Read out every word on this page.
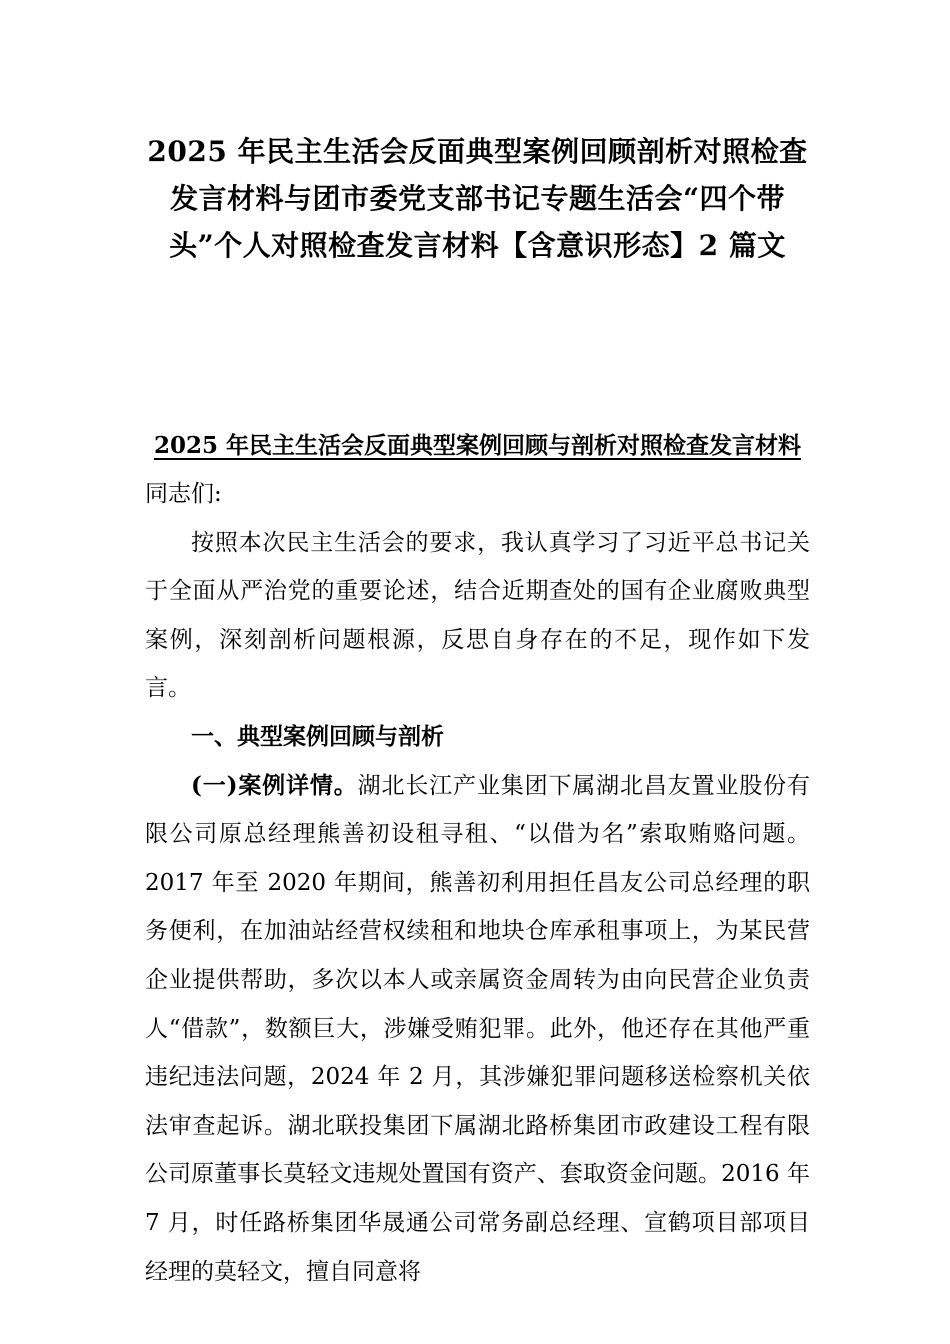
2025 年民主生活会反面典型案例回顾剖析对照检查
发言材料与团市委党支部书记专题生活会“四个带
头”个人对照检查发言材料【含意识形态】2 篇文
2025 年民主生活会反面典型案例回顾与剖析对照检查发言材料

同志们:

按照本次民主生活会的要求，我认真学习了习近平总书记关于全面从严治党的重要论述，结合近期查处的国有企业腐败典型案例，深刻剖析问题根源，反思自身存在的不足，现作如下发言。

一、典型案例回顾与剖析

(一)案例详情。湖北长江产业集团下属湖北昌友置业股份有限公司原总经理熊善初设租寻租、“以借为名”索取贿赂问题。 2017 年至 2020 年期间，熊善初利用担任昌友公司总经理的职务便利，在加油站经营权续租和地块仓库承租事项上，为某民营企业提供帮助，多次以本人或亲属资金周转为由向民营企业负责人“借款”，数额巨大，涉嫌受贿犯罪。此外，他还存在其他严重违纪违法问题，2024 年 2 月，其涉嫌犯罪问题移送检察机关依法审查起诉。湖北联投集团下属湖北路桥集团市政建设工程有限公司原董事长莫轻文违规处置国有资产、套取资金问题。2016 年 7 月，时任路桥集团华晟通公司常务副总经理、宣鹤项目部项目经理的莫轻文，擅自同意将
